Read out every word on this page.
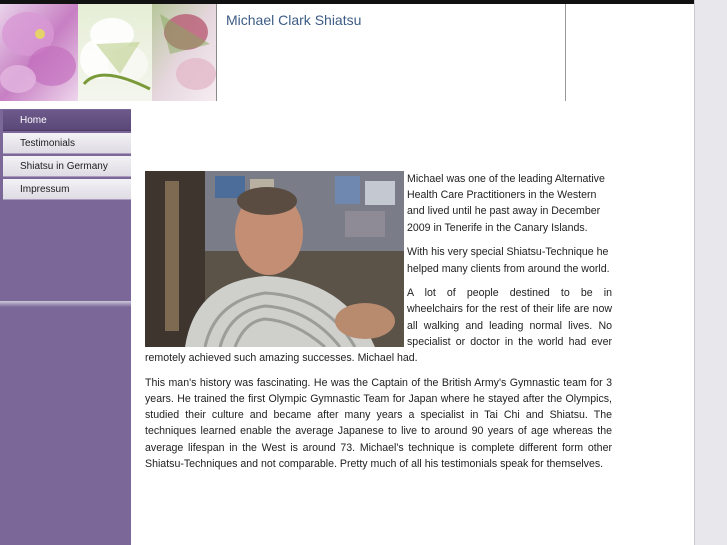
Michael Clark Shiatsu
Home
Testimonials
Shiatsu in Germany
Impressum

Michael was one of the leading Alternative Health Care Practitioners in the Western and lived until he past away in December 2009 in Tenerife in the Canary Islands.

With his very special Shiatsu-Technique he helped many clients from around the world.

A lot of people destined to be in wheelchairs for the rest of their life are now all walking and leading normal lives. No specialist or doctor in the world had ever remotely achieved such amazing successes. Michael had.

This man's history was fascinating. He was the Captain of the British Army's Gymnastic team for 3 years. He trained the first Olympic Gymnastic Team for Japan where he stayed after the Olympics, studied their culture and became after many years a specialist in Tai Chi and Shiatsu. The techniques learned enable the average Japanese to live to around 90 years of age whereas the average lifespan in the West is around 73. Michael's technique is complete different form other Shiatsu-Techniques and not comparable. Pretty much of all his testimonials speak for themselves.
